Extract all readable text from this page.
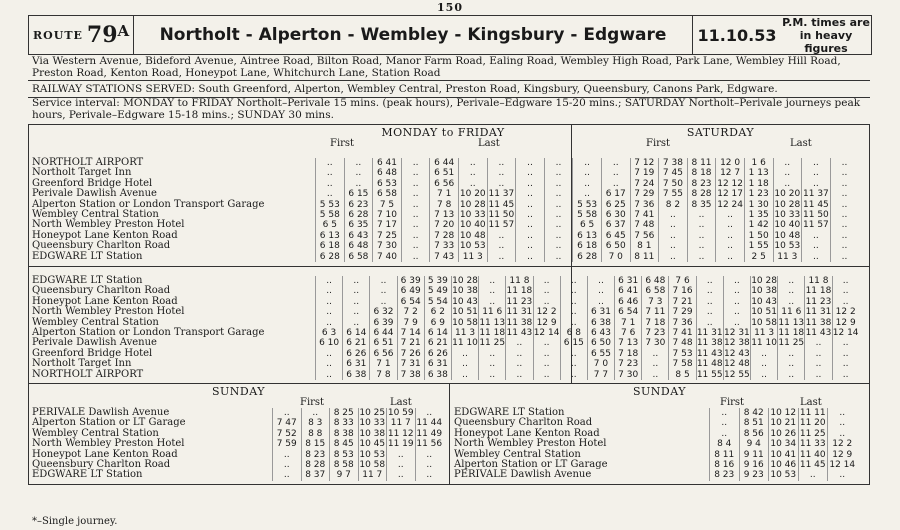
150
ROUTE 79 A	Northolt - Alperton - Wembley - Kingsbury - Edgware	11.10.53
P.M. times are in heavy figures
Via Western Avenue, Bideford Avenue, Aintree Road, Bilton Road, Manor Farm Road, Ealing Road, Wembley High Road, Park Lane, Wembley Hill Road, Preston Road, Kenton Road, Honeypot Lane, Whitchurch Lane, Station Road
RAILWAY STATIONS SERVED: South Greenford, Alperton, Wembley Central, Preston Road, Kingsbury, Queensbury, Canons Park, Edgware.
Service interval: MONDAY to FRIDAY Northolt–Perivale 15 mins. (peak hours), Perivale–Edgware 15-20 mins.; SATURDAY Northolt–Perivale journeys peak hours, Perivale–Edgware 15-18 mins.; SUNDAY 30 mins.
MONDAY to FRIDAY	SATURDAY
First	Last	First	Last
SUNDAY	SUNDAY
First	Last	First	Last
NORTHOLT AIRPORT	..	..	6 41	..	6 44	..	..	..	..	..	..	7 12	7 38	8 11	12 0	1 6	..	..	..
Northolt Target Inn	..	..	6 48	..	6 51	..	..	..	..	..	..	7 19	7 45	8 18	12 7	1 13	..	..	..
Greenford Bridge Hotel	..	..	6 53	..	6 56	..	..	..	..	..	..	7 24	7 50	8 23	12 12	1 18	..	..	..
Perivale Dawlish Avenue	..	6 15	6 58	..	7 1	10 20	11 37	..	..	..	6 17	7 29	7 55	8 28	12 17	1 23	10 20	11 37	..
Alperton Station or London Transport Garage	5 53	6 23	7 5	..	7 8	10 28	11 45	..	..	5 53	6 25	7 36	8 2	8 35	12 24	1 30	10 28	11 45	..
Wembley Central Station	5 58	6 28	7 10	..	7 13	10 33	11 50	..	..	5 58	6 30	7 41	..	..	..	1 35	10 33	11 50	..
North Wembley Preston Hotel	6 5	6 35	7 17	..	7 20	10 40	11 57	..	..	6 5	6 37	7 48	..	..	..	1 42	10 40	11 57	..
Honeypot Lane Kenton Road	6 13	6 43	7 25	..	7 28	10 48	..	..	..	6 13	6 45	7 56	..	..	..	1 50	10 48	..	..
Queensbury Charlton Road	6 18	6 48	7 30	..	7 33	10 53	..	..	..	6 18	6 50	8 1	..	..	..	1 55	10 53	..	..
EDGWARE LT Station	6 28	6 58	7 40	..	7 43	11 3	..	..	..	6 28	7 0	8 11	..	..	..	2 5	11 3	..	..
EDGWARE LT Station	..	..	..	6 39	5 39	10 28	..	11 8	..	..	..	6 31	6 48	7 6	..	..	10 28	..	11 8	..
Queensbury Charlton Road	..	..	..	6 49	5 49	10 38	..	11 18	..	..	..	6 41	6 58	7 16	..	..	10 38	..	11 18	..
Honeypot Lane Kenton Road	..	..	..	6 54	5 54	10 43	..	11 23	..	..	..	6 46	7 3	7 21	..	..	10 43	..	11 23	..
North Wembley Preston Hotel	..	..	6 32	7 2	6 2	10 51	11 6	11 31	12 2	..	6 31	6 54	7 11	7 29	..	..	10 51	11 6	11 31	12 2
Wembley Central Station	..	..	6 39	7 9	6 9	10 58	11 13	11 38	12 9	..	6 38	7 1	7 18	7 36	..	..	10 58	11 13	11 38	12 9
Alperton Station or London Transport Garage	6 3	6 14	6 44	7 14	6 14	11 3	11 18	11 43	12 14	6 8	6 43	7 6	7 23	7 41	11 31	12 31	11 3	11 18	11 43	12 14
Perivale Dawlish Avenue	6 10	6 21	6 51	7 21	6 21	11 10	11 25	..	..	6 15	6 50	7 13	7 30	7 48	11 38	12 38	11 10	11 25	..	..
Greenford Bridge Hotel	..	6 26	6 56	7 26	6 26	..	..	..	..	..	6 55	7 18	..	7 53	11 43	12 43	..	..	..	..
Northolt Target Inn	..	6 31	7 1	7 31	6 31	..	..	..	..	..	7 0	7 23	..	7 58	11 48	12 48	..	..	..	..
NORTHOLT AIRPORT	..	6 38	7 8	7 38	6 38	..	..	..	..	..	7 7	7 30	..	8 5	11 55	12 55	..	..	..	..
PERIVALE Dawlish Avenue	..	..	8 25	10 25	10 59	..
Alperton Station or LT Garage	7 47	8 3	8 33	10 33	11 7	11 44
Wembley Central Station	7 52	8 8	8 38	10 38	11 12	11 49
North Wembley Preston Hotel	7 59	8 15	8 45	10 45	11 19	11 56
Honeypot Lane Kenton Road	..	8 23	8 53	10 53	..	..
Queensbury Charlton Road	..	8 28	8 58	10 58	..	..
EDGWARE LT Station	..	8 37	9 7	11 7	..	..
EDGWARE LT Station	..	8 42	10 12	11 11	..
Queensbury Charlton Road	..	8 51	10 21	11 20	..
Honeypot Lane Kenton Road	..	8 56	10 26	11 25	..
North Wembley Preston Hotel	8 4	9 4	10 34	11 33	12 2
Wembley Central Station	8 11	9 11	10 41	11 40	12 9
Alperton Station or LT Garage	8 16	9 16	10 46	11 45	12 14
PERIVALE Dawlish Avenue	8 23	9 23	10 53	..	..
*–Single journey.
